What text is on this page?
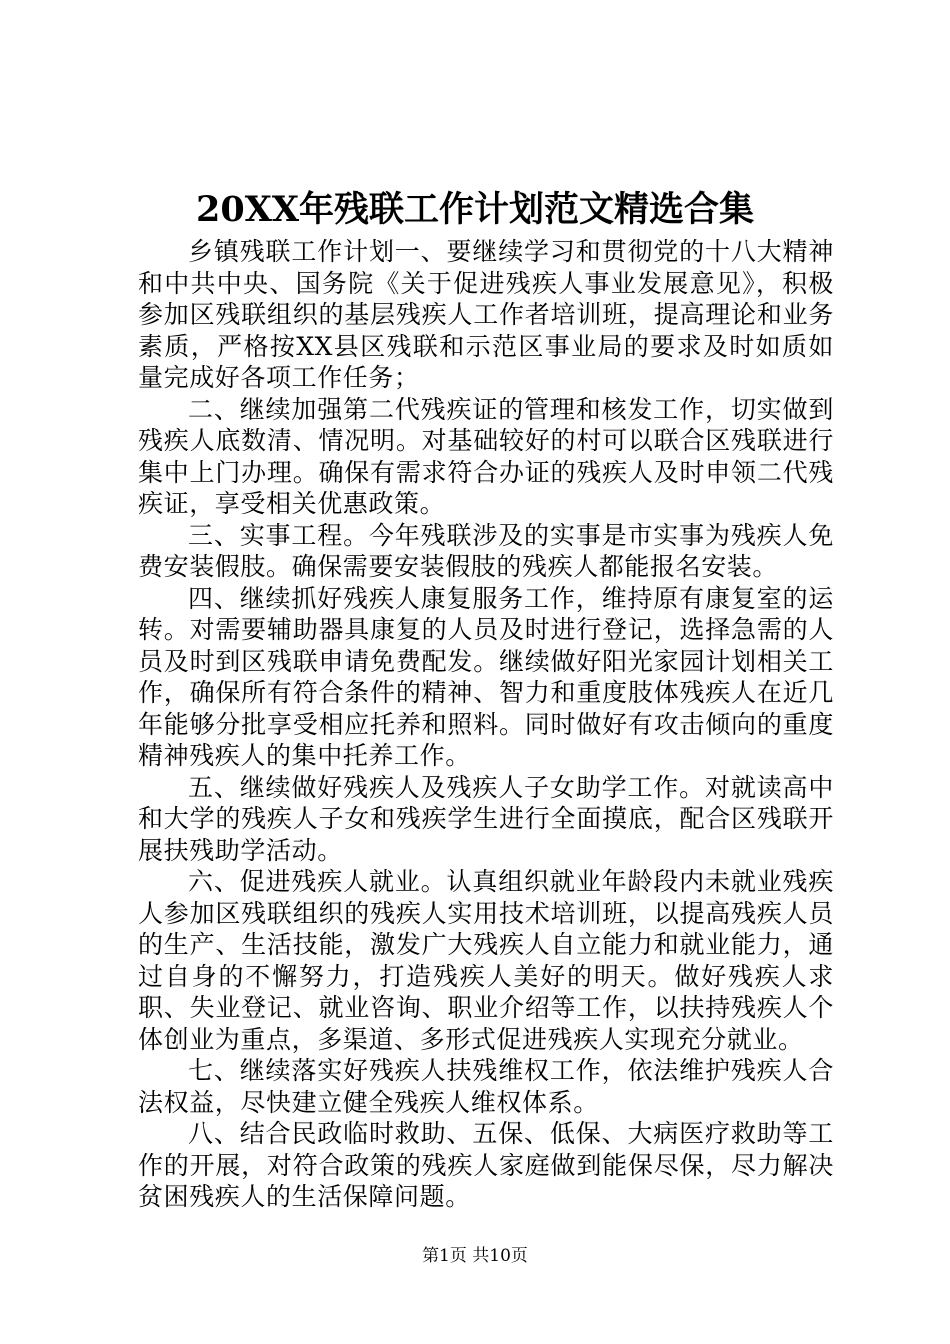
20XX年残联工作计划范文精选合集

乡镇残联工作计划一、要继续学习和贯彻党的十八大精神和中共中央、国务院《关于促进残疾人事业发展意见》，积极参加区残联组织的基层残疾人工作者培训班，提高理论和业务素质，严格按XX县区残联和示范区事业局的要求及时如质如量完成好各项工作任务；

二、继续加强第二代残疾证的管理和核发工作，切实做到残疾人底数清、情况明。对基础较好的村可以联合区残联进行集中上门办理。确保有需求符合办证的残疾人及时申领二代残疾证，享受相关优惠政策。

三、实事工程。今年残联涉及的实事是市实事为残疾人免费安装假肢。确保需要安装假肢的残疾人都能报名安装。

四、继续抓好残疾人康复服务工作，维持原有康复室的运转。对需要辅助器具康复的人员及时进行登记，选择急需的人员及时到区残联申请免费配发。继续做好阳光家园计划相关工作，确保所有符合条件的精神、智力和重度肢体残疾人在近几年能够分批享受相应托养和照料。同时做好有攻击倾向的重度精神残疾人的集中托养工作。

五、继续做好残疾人及残疾人子女助学工作。对就读高中和大学的残疾人子女和残疾学生进行全面摸底，配合区残联开展扶残助学活动。

六、促进残疾人就业。认真组织就业年龄段内未就业残疾人参加区残联组织的残疾人实用技术培训班，以提高残疾人员的生产、生活技能，激发广大残疾人自立能力和就业能力，通过自身的不懈努力，打造残疾人美好的明天。做好残疾人求职、失业登记、就业咨询、职业介绍等工作，以扶持残疾人个体创业为重点，多渠道、多形式促进残疾人实现充分就业。

七、继续落实好残疾人扶残维权工作，依法维护残疾人合法权益，尽快建立健全残疾人维权体系。

八、结合民政临时救助、五保、低保、大病医疗救助等工作的开展，对符合政策的残疾人家庭做到能保尽保，尽力解决贫困残疾人的生活保障问题。

第1页 共10页
